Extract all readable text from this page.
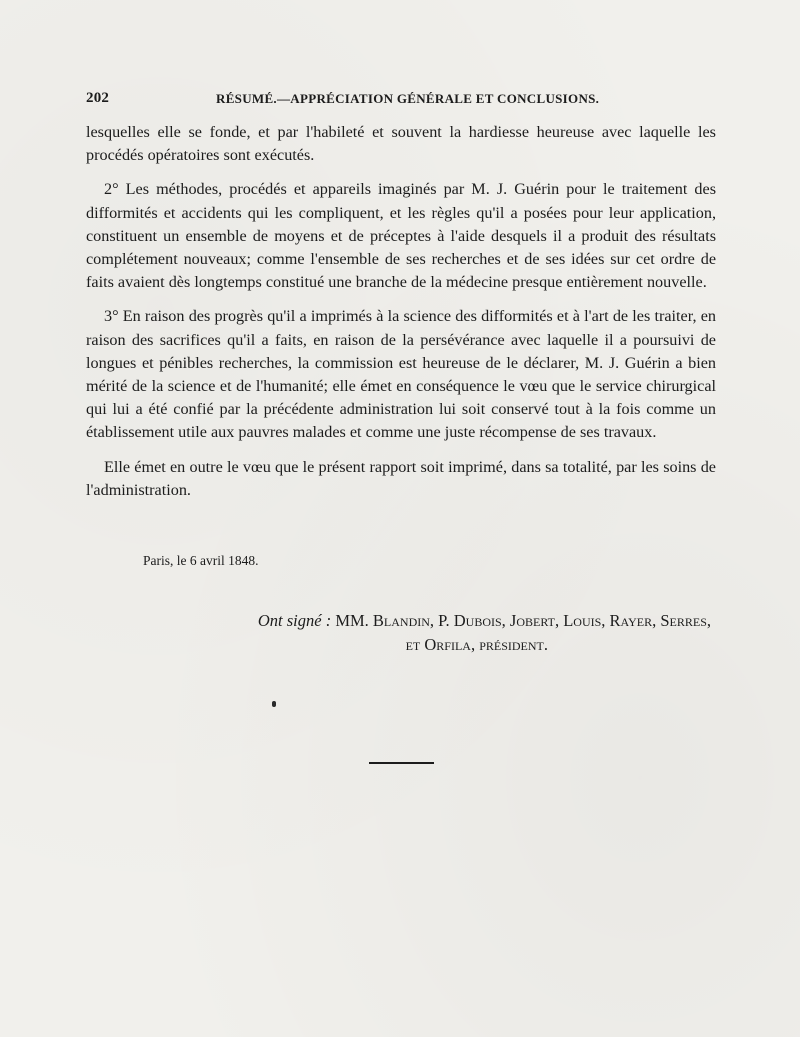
202	RÉSUMÉ.—APPRÉCIATION GÉNÉRALE ET CONCLUSIONS.

lesquelles elle se fonde, et par l'habileté et souvent la hardiesse heureuse avec laquelle les procédés opératoires sont exécutés.

2° Les méthodes, procédés et appareils imaginés par M. J. Guérin pour le traitement des difformités et accidents qui les compliquent, et les règles qu'il a posées pour leur application, constituent un ensemble de moyens et de préceptes à l'aide desquels il a produit des résultats complétement nouveaux; comme l'ensemble de ses recherches et de ses idées sur cet ordre de faits avaient dès longtemps constitué une branche de la médecine presque entièrement nouvelle.

3° En raison des progrès qu'il a imprimés à la science des difformités et à l'art de les traiter, en raison des sacrifices qu'il a faits, en raison de la persévérance avec laquelle il a poursuivi de longues et pénibles recherches, la commission est heureuse de le déclarer, M. J. Guérin a bien mérité de la science et de l'humanité; elle émet en conséquence le vœu que le service chirurgical qui lui a été confié par la précédente administration lui soit conservé tout à la fois comme un établissement utile aux pauvres malades et comme une juste récompense de ses travaux.

Elle émet en outre le vœu que le présent rapport soit imprimé, dans sa totalité, par les soins de l'administration.

Paris, le 6 avril 1848.
Ont signé : MM. Blandin, P. Dubois, Jobert, Louis, Rayer, Serres,
et Orfila, président.
